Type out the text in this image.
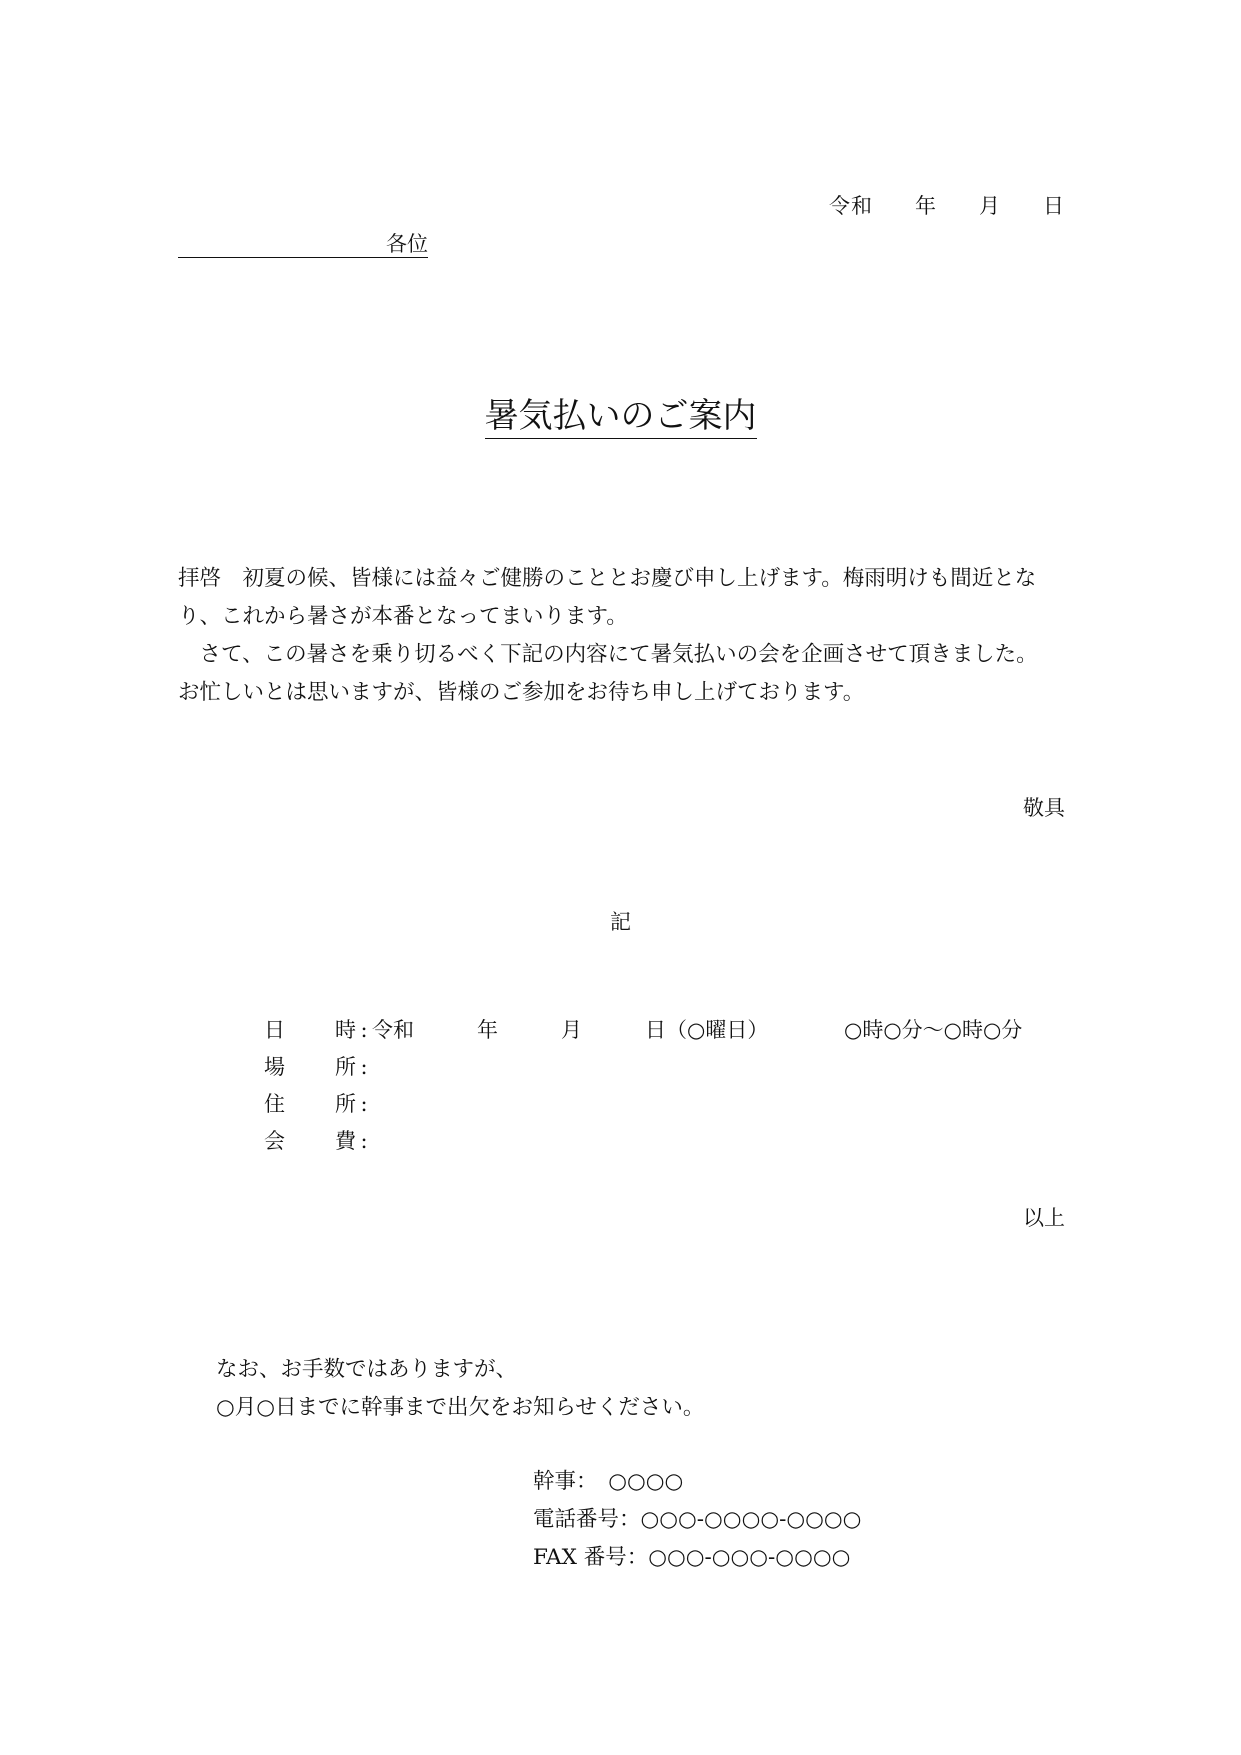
令和 年 月 日
各位
暑気払いのご案内

拝啓　初夏の候、皆様には益々ご健勝のこととお慶び申し上げます。梅雨明けも間近となり、これから暑さが本番となってまいります。

　さて、この暑さを乗り切るべく下記の内容にて暑気払いの会を企画させて頂きました。

お忙しいとは思いますが、皆様のご参加をお待ち申し上げております。

敬具
記
日時 : 令和　　　年　　　月　　　日（○曜日）	○時○分～○時○分
場所 :
住所 :
会費 :
以上
なお、お手数ではありますが、
○月○日までに幹事まで出欠をお知らせください。
幹事：　○○○○
電話番号：○○○-○○○○-○○○○
FAX 番号：○○○-○○○-○○○○
